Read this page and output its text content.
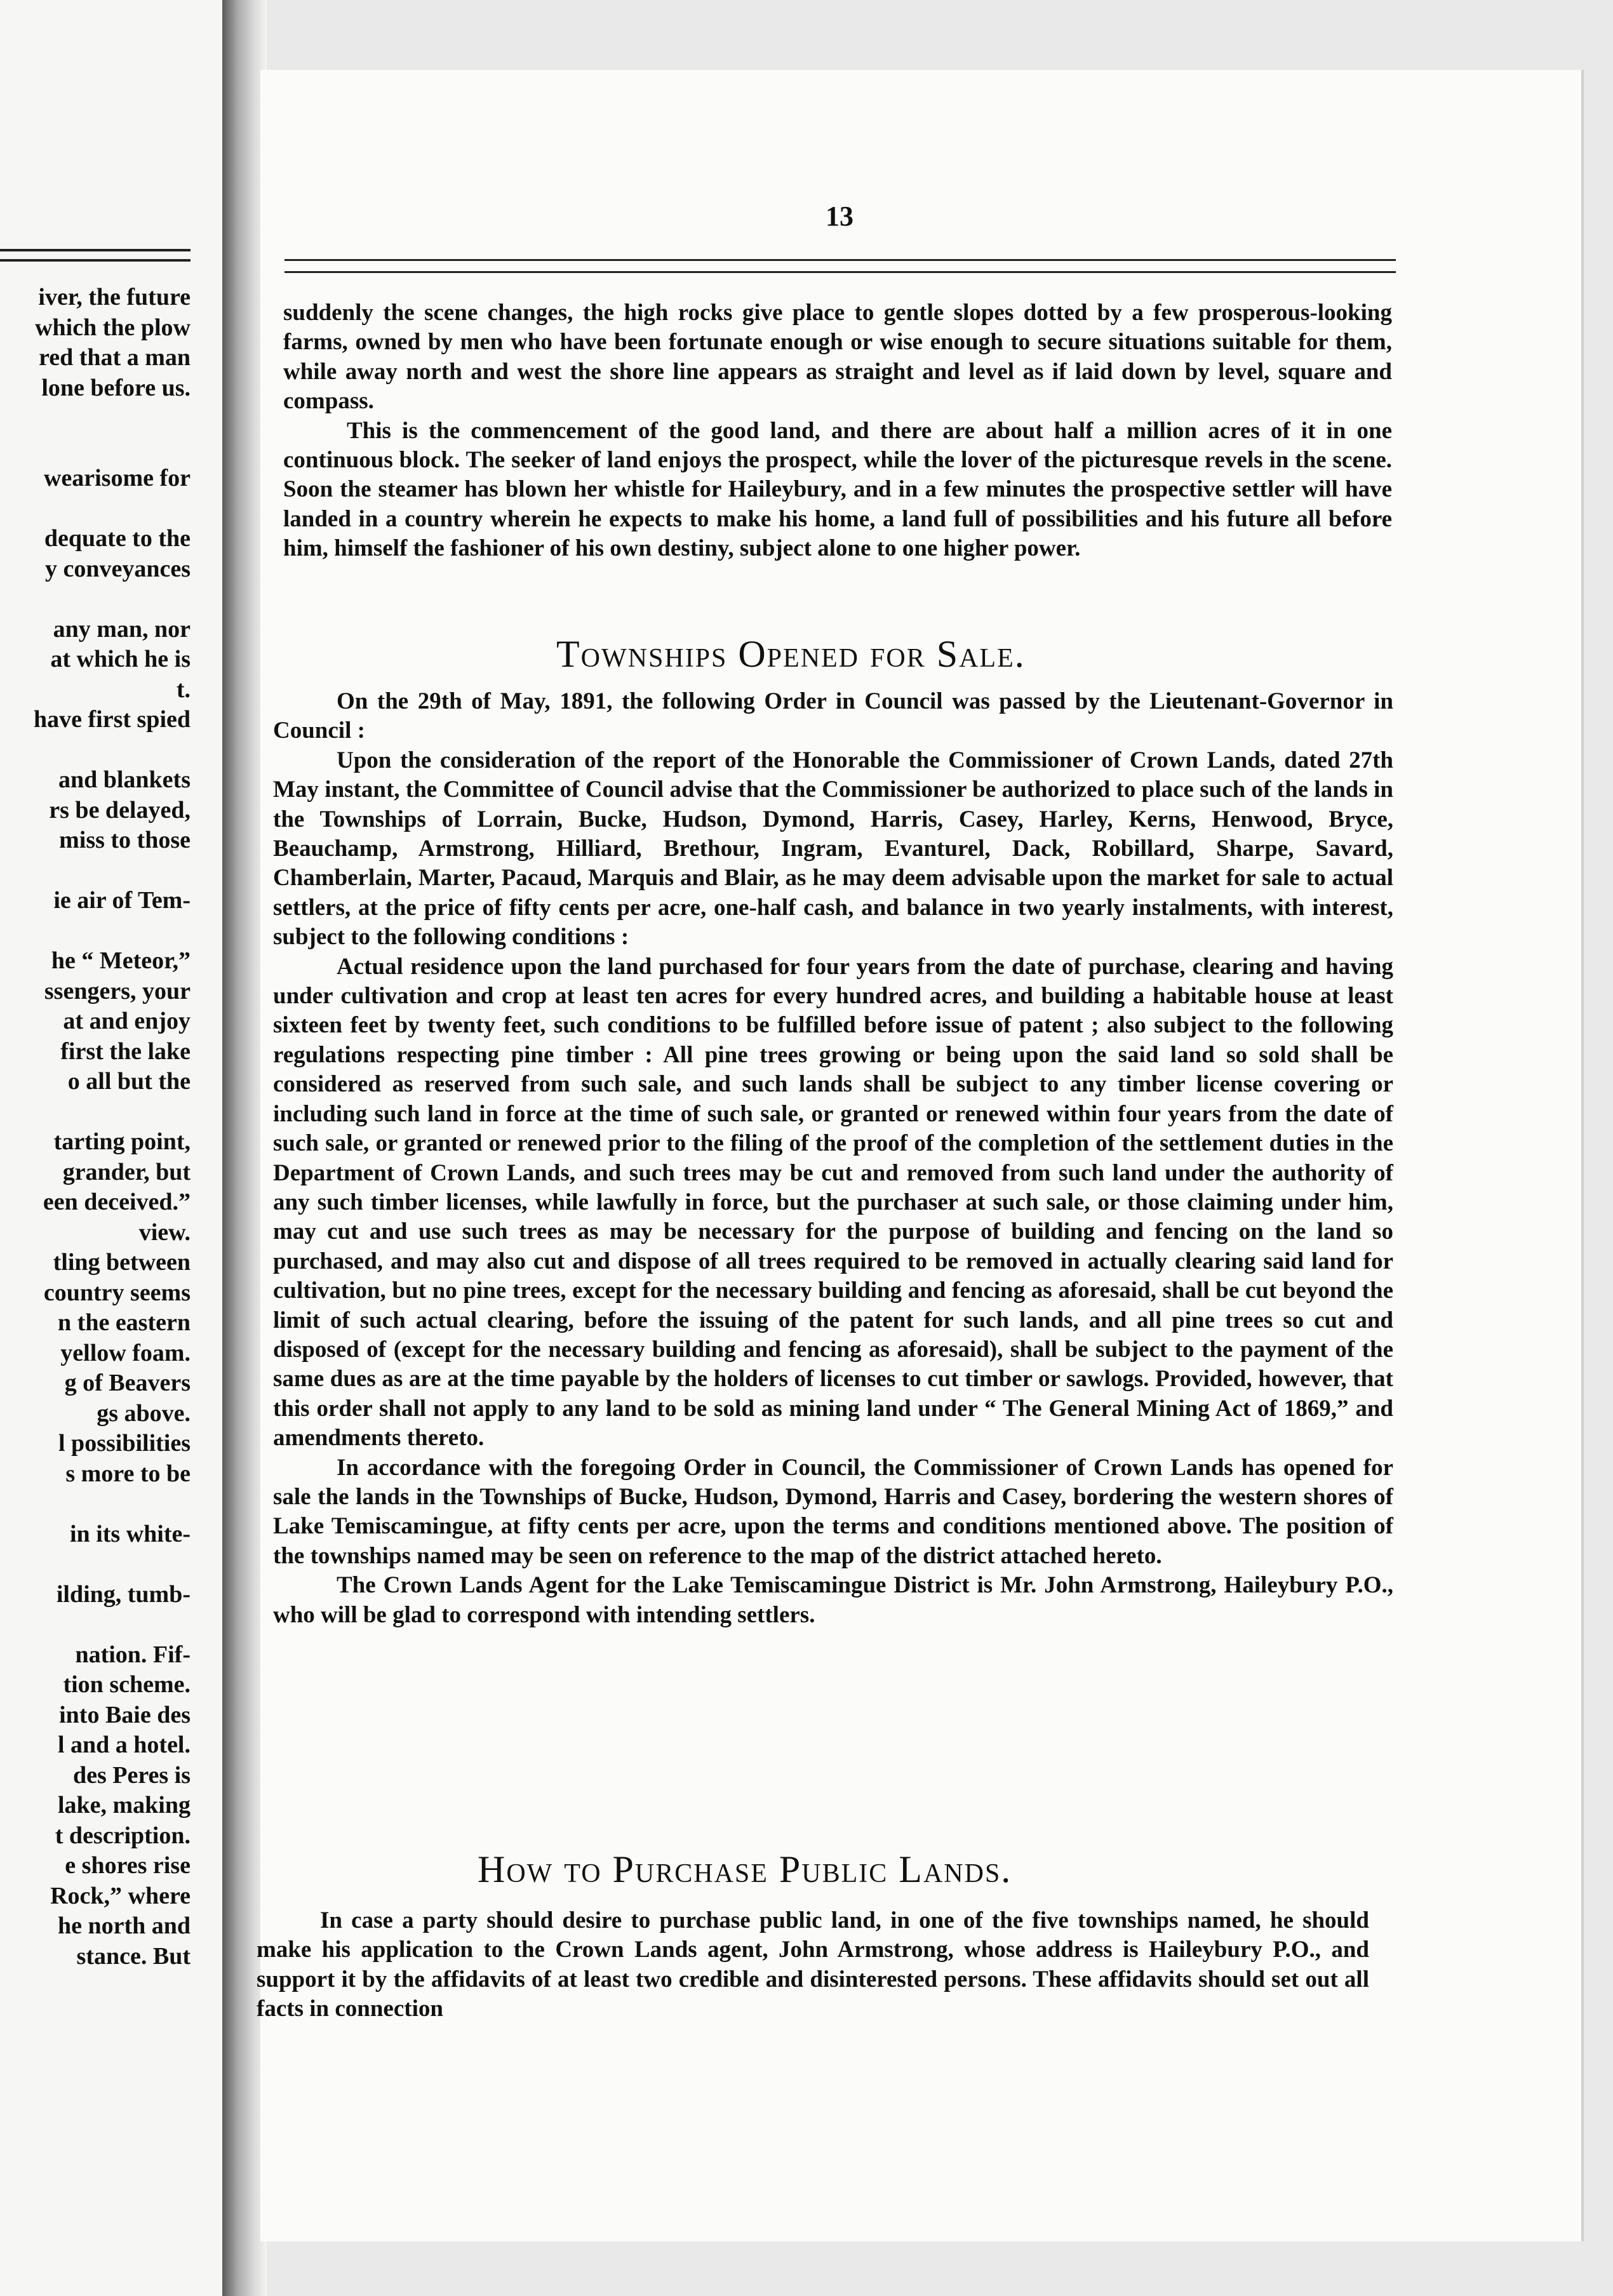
iver, the future
which the plow
red that a man
lone before us.
wearisome for
dequate to the
y conveyances
any man, nor
at which he is
t.
have first spied
and blankets
rs be delayed,
miss to those
ie air of Tem-
he “ Meteor,”
ssengers, your
at and enjoy
first the lake
o all but the
tarting point,
grander, but
een deceived.”
view.
tling between
country seems
n the eastern
yellow foam.
g of Beavers
gs above.
l possibilities
s more to be
in its white-
ilding, tumb-
nation. Fif-
tion scheme.
into Baie des
l and a hotel.
des Peres is
lake, making
t description.
e shores rise
Rock,” where
he north and
stance. But
13

suddenly the scene changes, the high rocks give place to gentle slopes dotted by a few prosperous-looking farms, owned by men who have been fortunate enough or wise enough to secure situations suitable for them, while away north and west the shore line appears as straight and level as if laid down by level, square and compass.

This is the commencement of the good land, and there are about half a million acres of it in one continuous block. The seeker of land enjoys the prospect, while the lover of the picturesque revels in the scene. Soon the steamer has blown her whistle for Haileybury, and in a few minutes the prospective settler will have landed in a country wherein he expects to make his home, a land full of possibilities and his future all before him, himself the fashioner of his own destiny, subject alone to one higher power.

Townships Opened for Sale.

On the 29th of May, 1891, the following Order in Council was passed by the Lieutenant-Governor in Council :

Upon the consideration of the report of the Honorable the Commissioner of Crown Lands, dated 27th May instant, the Committee of Council advise that the Commissioner be authorized to place such of the lands in the Townships of Lorrain, Bucke, Hudson, Dymond, Harris, Casey, Harley, Kerns, Henwood, Bryce, Beauchamp, Armstrong, Hilliard, Brethour, Ingram, Evanturel, Dack, Robillard, Sharpe, Savard, Chamberlain, Marter, Pacaud, Marquis and Blair, as he may deem advisable upon the market for sale to actual settlers, at the price of fifty cents per acre, one-half cash, and balance in two yearly instalments, with interest, subject to the following conditions :

Actual residence upon the land purchased for four years from the date of purchase, clearing and having under cultivation and crop at least ten acres for every hundred acres, and building a habitable house at least sixteen feet by twenty feet, such conditions to be fulfilled before issue of patent ; also subject to the following regulations respecting pine timber : All pine trees growing or being upon the said land so sold shall be considered as reserved from such sale, and such lands shall be subject to any timber license covering or including such land in force at the time of such sale, or granted or renewed within four years from the date of such sale, or granted or renewed prior to the filing of the proof of the completion of the settlement duties in the Department of Crown Lands, and such trees may be cut and removed from such land under the authority of any such timber licenses, while lawfully in force, but the purchaser at such sale, or those claiming under him, may cut and use such trees as may be necessary for the purpose of building and fencing on the land so purchased, and may also cut and dispose of all trees required to be removed in actually clearing said land for cultivation, but no pine trees, except for the necessary building and fencing as aforesaid, shall be cut beyond the limit of such actual clearing, before the issuing of the patent for such lands, and all pine trees so cut and disposed of (except for the necessary building and fencing as aforesaid), shall be subject to the payment of the same dues as are at the time payable by the holders of licenses to cut timber or sawlogs. Provided, however, that this order shall not apply to any land to be sold as mining land under “ The General Mining Act of 1869,” and amendments thereto.

In accordance with the foregoing Order in Council, the Commissioner of Crown Lands has opened for sale the lands in the Townships of Bucke, Hudson, Dymond, Harris and Casey, bordering the western shores of Lake Temiscamingue, at fifty cents per acre, upon the terms and conditions mentioned above. The position of the townships named may be seen on reference to the map of the district attached hereto.

The Crown Lands Agent for the Lake Temiscamingue District is Mr. John Armstrong, Haileybury P.O., who will be glad to correspond with intending settlers.

How to Purchase Public Lands.

In case a party should desire to purchase public land, in one of the five townships named, he should make his application to the Crown Lands agent, John Armstrong, whose address is Haileybury P.O., and support it by the affidavits of at least two credible and disinterested persons. These affidavits should set out all facts in connection
